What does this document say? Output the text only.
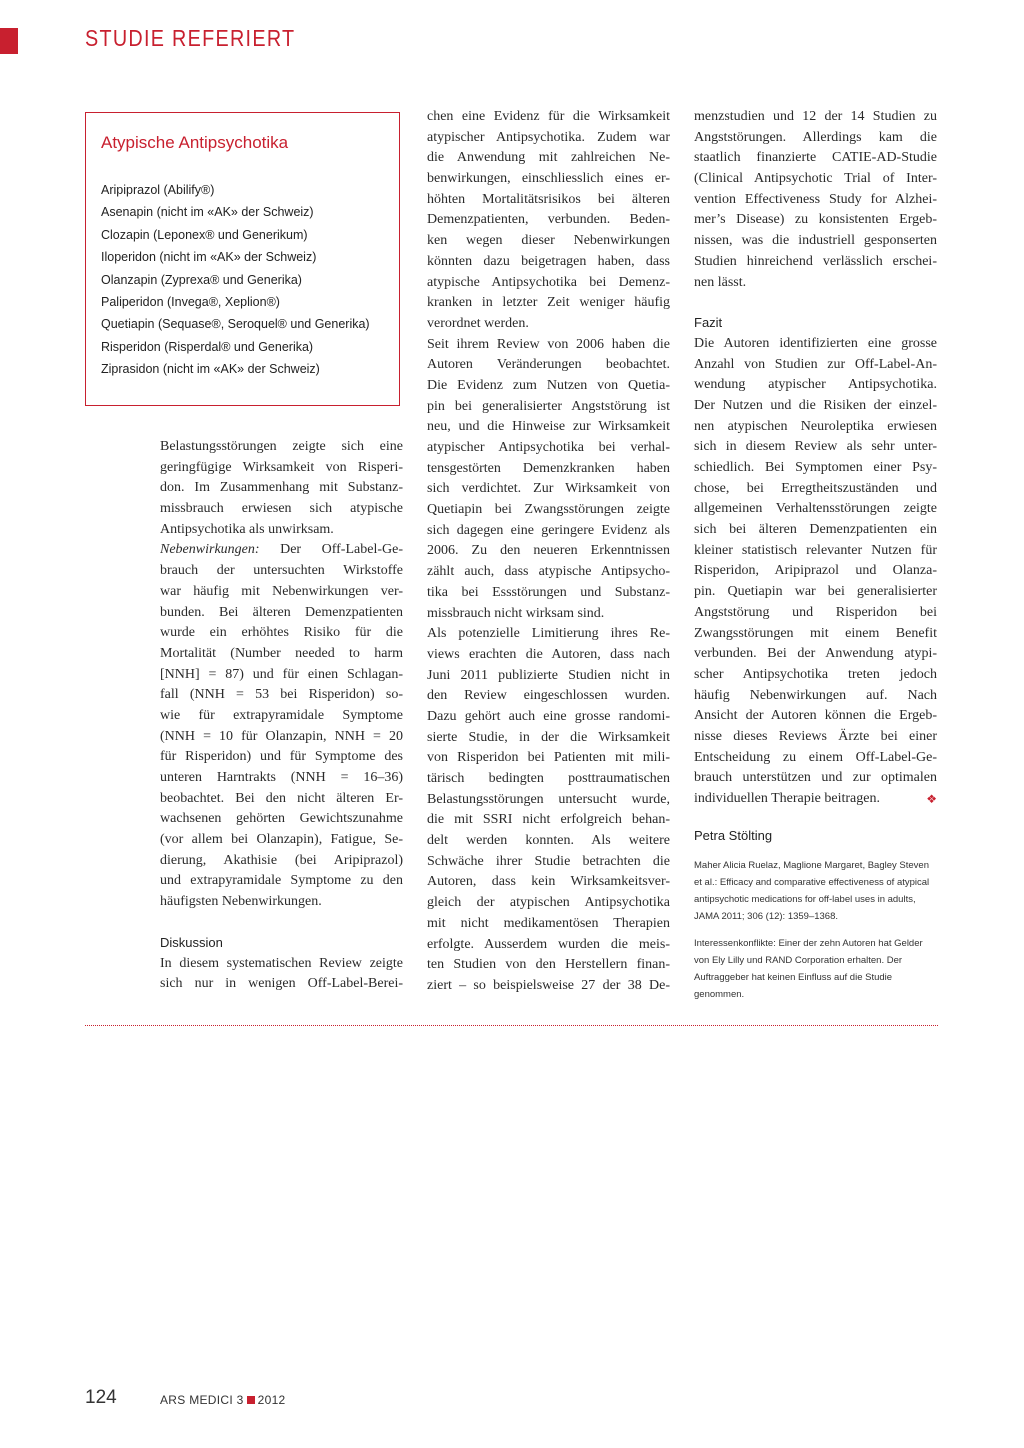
STUDIE REFERIERT
Atypische Antipsychotika
Aripiprazol (Abilify®)
Asenapin (nicht im «AK» der Schweiz)
Clozapin (Leponex® und Generikum)
Iloperidon (nicht im «AK» der Schweiz)
Olanzapin (Zyprexa® und Generika)
Paliperidon (Invega®, Xeplion®)
Quetiapin (Sequase®, Seroquel® und Generika)
Risperidon (Risperdal® und Generika)
Ziprasidon (nicht im «AK» der Schweiz)

Belastungsstörungen zeigte sich eine

geringfügige Wirksamkeit von Risperi-

don. Im Zusammenhang mit Substanz-

missbrauch erwiesen sich atypische

Antipsychotika als unwirksam.

Nebenwirkungen: Der Off-Label-Ge-

brauch der untersuchten Wirkstoffe

war häufig mit Nebenwirkungen ver-

bunden. Bei älteren Demenzpatienten

wurde ein erhöhtes Risiko für die

Mortalität (Number needed to harm

[NNH] = 87) und für einen Schlagan-

fall (NNH = 53 bei Risperidon) so-

wie für extrapyramidale Symptome

(NNH = 10 für Olanzapin, NNH = 20

für Risperidon) und für Symptome des

unteren Harntrakts (NNH = 16–36)

beobachtet. Bei den nicht älteren Er-

wachsenen gehörten Gewichtszunahme

(vor allem bei Olanzapin), Fatigue, Se-

dierung, Akathisie (bei Aripiprazol)

und extrapyramidale Symptome zu den

häufigsten Nebenwirkungen.

Diskussion

In diesem systematischen Review zeigte

sich nur in wenigen Off-Label-Berei-

chen eine Evidenz für die Wirksamkeit

atypischer Antipsychotika. Zudem war

die Anwendung mit zahlreichen Ne-

benwirkungen, einschliesslich eines er-

höhten Mortalitätsrisikos bei älteren

Demenzpatienten, verbunden. Beden-

ken wegen dieser Nebenwirkungen

könnten dazu beigetragen haben, dass

atypische Antipsychotika bei Demenz-

kranken in letzter Zeit weniger häufig

verordnet werden.

Seit ihrem Review von 2006 haben die

Autoren Veränderungen beobachtet.

Die Evidenz zum Nutzen von Quetia-

pin bei generalisierter Angststörung ist

neu, und die Hinweise zur Wirksamkeit

atypischer Antipsychotika bei verhal-

tensgestörten Demenzkranken haben

sich verdichtet. Zur Wirksamkeit von

Quetiapin bei Zwangsstörungen zeigte

sich dagegen eine geringere Evidenz als

2006. Zu den neueren Erkenntnissen

zählt auch, dass atypische Antipsycho-

tika bei Essstörungen und Substanz-

missbrauch nicht wirksam sind.

Als potenzielle Limitierung ihres Re-

views erachten die Autoren, dass nach

Juni 2011 publizierte Studien nicht in

den Review eingeschlossen wurden.

Dazu gehört auch eine grosse randomi-

sierte Studie, in der die Wirksamkeit

von Risperidon bei Patienten mit mili-

tärisch bedingten posttraumatischen

Belastungsstörungen untersucht wurde,

die mit SSRI nicht erfolgreich behan-

delt werden konnten. Als weitere

Schwäche ihrer Studie betrachten die

Autoren, dass kein Wirksamkeitsver-

gleich der atypischen Antipsychotika

mit nicht medikamentösen Therapien

erfolgte. Ausserdem wurden die meis-

ten Studien von den Herstellern finan-

ziert – so beispielsweise 27 der 38 De-

menzstudien und 12 der 14 Studien zu

Angststörungen. Allerdings kam die

staatlich finanzierte CATIE-AD-Studie

(Clinical Antipsychotic Trial of Inter-

vention Effectiveness Study for Alzhei-

mer’s Disease) zu konsistenten Ergeb-

nissen, was die industriell gesponserten

Studien hinreichend verlässlich erschei-

nen lässt.

Fazit

Die Autoren identifizierten eine grosse

Anzahl von Studien zur Off-Label-An-

wendung atypischer Antipsychotika.

Der Nutzen und die Risiken der einzel-

nen atypischen Neuroleptika erwiesen

sich in diesem Review als sehr unter-

schiedlich. Bei Symptomen einer Psy-

chose, bei Erregtheitszuständen und

allgemeinen Verhaltensstörungen zeigte

sich bei älteren Demenzpatienten ein

kleiner statistisch relevanter Nutzen für

Risperidon, Aripiprazol und Olanza-

pin. Quetiapin war bei generalisierter

Angststörung und Risperidon bei

Zwangsstörungen mit einem Benefit

verbunden. Bei der Anwendung atypi-

scher Antipsychotika treten jedoch

häufig Nebenwirkungen auf. Nach

Ansicht der Autoren können die Ergeb-

nisse dieses Reviews Ärzte bei einer

Entscheidung zu einem Off-Label-Ge-

brauch unterstützen und zur optimalen

individuellen Therapie beitragen.	❖

Petra Stölting

Maher Alicia Ruelaz, Maglione Margaret, Bagley Steven et al.: Efficacy and comparative effectiveness of atypical antipsychotic medications for off-label uses in adults, JAMA 2011; 306 (12): 1359–1368.

Interessenkonflikte: Einer der zehn Autoren hat Gelder von Ely Lilly und RAND Corporation erhalten. Der Auftraggeber hat keinen Einfluss auf die Studie genommen.

124	ARS MEDICI 3 2012
